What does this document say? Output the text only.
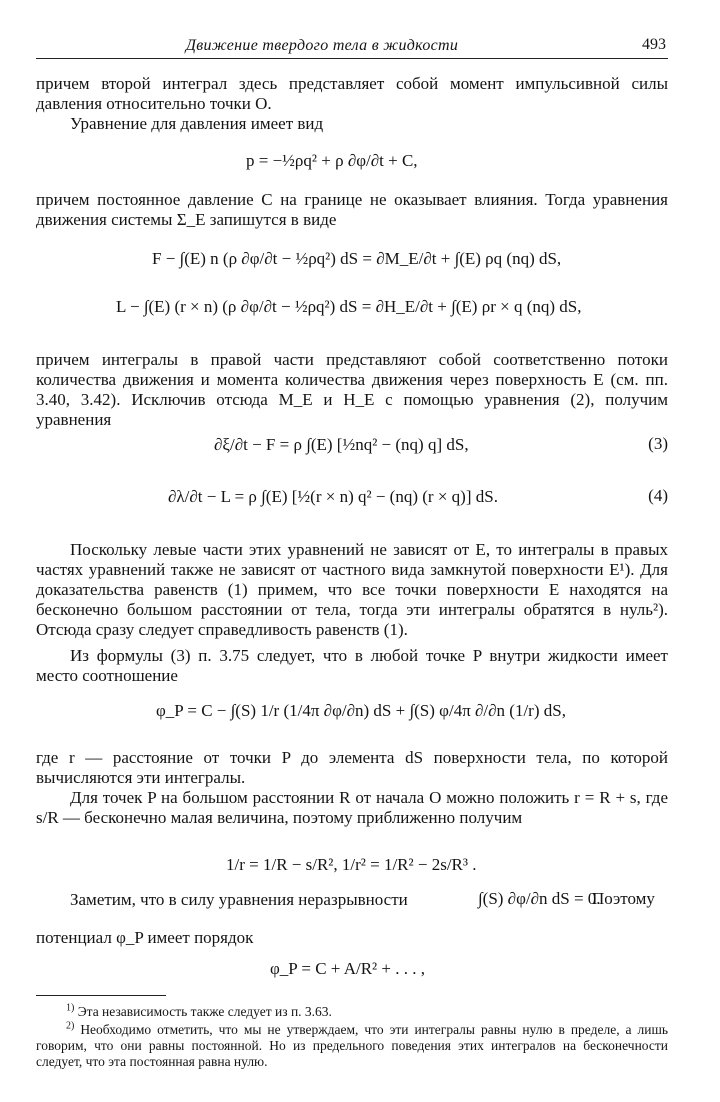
Движение твердого тела в жидкости	493

причем второй интеграл здесь представляет собой момент импульсивной силы давления относительно точки O.

Уравнение для давления имеет вид

p = −½ρq² + ρ ∂φ/∂t + C,

причем постоянное давление C на границе не оказывает влияния. Тогда уравнения движения системы Σ_E запишутся в виде

F − ∫(E) n (ρ ∂φ/∂t − ½ρq²) dS = ∂M_E/∂t + ∫(E) ρq (nq) dS,
L − ∫(E) (r × n) (ρ ∂φ/∂t − ½ρq²) dS = ∂H_E/∂t + ∫(E) ρr × q (nq) dS,

причем интегралы в правой части представляют собой соответственно потоки количества движения и момента количества движения через поверхность E (см. пп. 3.40, 3.42). Исключив отсюда M_E и H_E с помощью уравнения (2), получим уравнения

∂ξ/∂t − F = ρ ∫(E) [½nq² − (nq) q] dS,	(3)
∂λ/∂t − L = ρ ∫(E) [½(r × n) q² − (nq) (r × q)] dS.	(4)

Поскольку левые части этих уравнений не зависят от E, то интегралы в правых частях уравнений также не зависят от частного вида замкнутой поверхности E¹). Для доказательства равенств (1) примем, что все точки поверхности E находятся на бесконечно большом расстоянии от тела, тогда эти интегралы обратятся в нуль²). Отсюда сразу следует справедливость равенств (1).

Из формулы (3) п. 3.75 следует, что в любой точке P внутри жидкости имеет место соотношение

φ_P = C − ∫(S) 1/r (1/4π ∂φ/∂n) dS + ∫(S) φ/4π ∂/∂n (1/r) dS,

где r — расстояние от точки P до элемента dS поверхности тела, по которой вычисляются эти интегралы.

Для точек P на большом расстоянии R от начала O можно положить r = R + s, где s/R — бесконечно малая величина, поэтому приближенно получим

1/r = 1/R − s/R², 1/r² = 1/R² − 2s/R³ .
Заметим, что в силу уравнения неразрывности	∫(S) ∂φ/∂n dS = 0.
Поэтому

потенциал φ_P имеет порядок

φ_P = C + A/R² + . . . ,

$^{1)}$ Эта независимость также следует из п. 3.63.

$^{2)}$ Необходимо отметить, что мы не утверждаем, что эти интегралы равны нулю в пределе, а лишь говорим, что они равны постоянной. Но из предельного поведения этих интегралов на бесконечности следует, что эта постоянная равна нулю.
